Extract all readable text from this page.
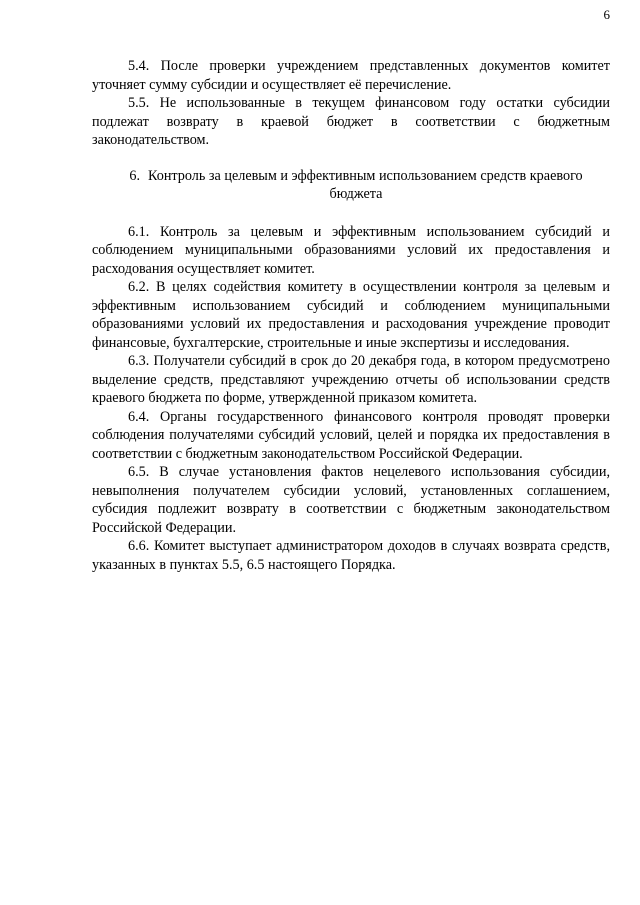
6

5.4. После проверки учреждением представленных документов комитет уточняет сумму субсидии и осуществляет её перечисление.

5.5. Не использованные в текущем финансовом году остатки субсидии подлежат возврату в краевой бюджет в соответствии с бюджетным законодательством.

6. Контроль за целевым и эффективным использованием средств краевого бюджета

6.1. Контроль за целевым и эффективным использованием субсидий и соблюдением муниципальными образованиями условий их предоставления и расходования осуществляет комитет.

6.2. В целях содействия комитету в осуществлении контроля за целевым и эффективным использованием субсидий и соблюдением муниципальными образованиями условий их предоставления и расходования учреждение проводит финансовые, бухгалтерские, строительные и иные экспертизы и исследования.

6.3. Получатели субсидий в срок до 20 декабря года, в котором предусмотрено выделение средств, представляют учреждению отчеты об использовании средств краевого бюджета по форме, утвержденной приказом комитета.

6.4. Органы государственного финансового контроля проводят проверки соблюдения получателями субсидий условий, целей и порядка их предоставления в соответствии с бюджетным законодательством Российской Федерации.

6.5. В случае установления фактов нецелевого использования субсидии, невыполнения получателем субсидии условий, установленных соглашением, субсидия подлежит возврату в соответствии с бюджетным законодательством Российской Федерации.

6.6. Комитет выступает администратором доходов в случаях возврата средств, указанных в пунктах 5.5, 6.5 настоящего Порядка.
